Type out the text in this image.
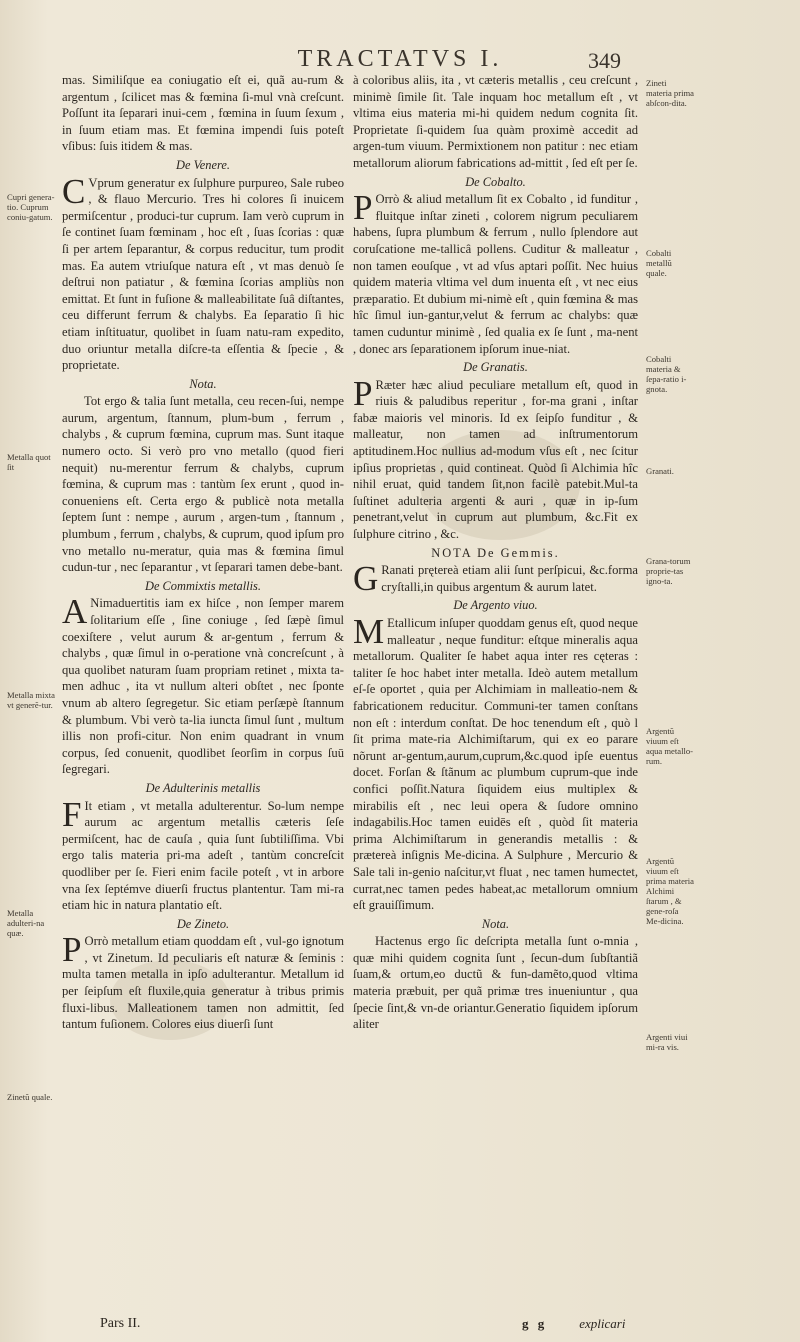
TRACTATVS I.	349

mas. Similiſque ea coniugatio eſt ei, quã au-rum & argentum , ſcilicet mas & fœmina ſi-mul vnà creſcunt. Poſſunt ita ſeparari inui-cem , fœmina in ſuum ſexum , in ſuum etiam mas. Et fœmina impendi ſuis poteſt vſibus: ſuis itidem & mas.

De Venere.

C Vprum generatur ex ſulphure purpureo, Sale rubeo , & flauo Mercurio. Tres hi colores ſi inuicem permiſcentur , produci-tur cuprum. Iam verò cuprum in ſe continet ſuam fœminam , hoc eſt , ſuas ſcorias : quæ ſi per artem ſeparantur, & corpus reducitur, tum prodit mas. Ea autem vtriuſque natura eſt , vt mas denuò ſe deſtrui non patiatur , & fœmina ſcorias ampliùs non emittat. Et ſunt in fuſione & malleabilitate ſuâ diſtantes, ceu differunt ferrum & chalybs. Ea ſeparatio ſi hic etiam inſtituatur, quolibet in ſuam natu-ram expedito, duo oriuntur metalla diſcre-ta eſſentia & ſpecie , & proprietate.

Nota.

Tot ergo & talia ſunt metalla, ceu recen-ſui, nempe aurum, argentum, ſtannum, plum-bum , ferrum , chalybs , & cuprum fœmina, cuprum mas. Sunt itaque numero octo. Si verò pro vno metallo (quod fieri nequit) nu-merentur ferrum & chalybs, cuprum fœmina, & cuprum mas : tantùm ſex erunt , quod in-conueniens eſt. Certa ergo & publicè nota metalla ſeptem ſunt : nempe , aurum , argen-tum , ſtannum , plumbum , ferrum , chalybs, & cuprum, quod ipſum pro vno metallo nu-meratur, quia mas & fœmina ſimul cudun-tur , nec ſeparantur , vt ſeparari tamen debe-bant.

De Commixtis metallis.

A Nimaduertitis iam ex hiſce , non ſemper marem ſolitarium eſſe , ſine coniuge , ſed ſæpè ſimul coexiſtere , velut aurum & ar-gentum , ferrum & chalybs , quæ ſimul in o-peratione vnà concreſcunt , à qua quolibet naturam ſuam propriam retinet , mixta ta-men adhuc , ita vt nullum alteri obſtet , nec ſponte vnum ab altero ſegregetur. Sic etiam perſæpè ſtannum & plumbum. Vbi verò ta-lia iuncta ſimul ſunt , multum illis non profi-citur. Non enim quadrant in vnum corpus, ſed conuenit, quodlibet ſeorſim in corpus ſuū ſegregari.

De Adulterinis metallis

F It etiam , vt metalla adulterentur. So-lum nempe aurum ac argentum metallis cæteris ſeſe permiſcent, hac de cauſa , quia ſunt ſubtiliſſima. Vbi ergo talis materia pri-ma adeſt , tantùm concreſcit quodliber per ſe. Fieri enim facile poteſt , vt in arbore vna ſex ſeptémve diuerſi fructus plantentur. Tam mi-ra etiam hic in natura plantatio eſt.

De Zineto.

P Orrò metallum etiam quoddam eſt , vul-go ignotum , vt Zinetum. Id peculiaris eſt naturæ & ſeminis : multa tamen metalla in ipſo adulterantur. Metallum id per ſeipſum eſt fluxile,quia generatur à tribus primis fluxi-libus. Malleationem tamen non admittit, ſed tantum fuſionem. Colores eius diuerſi ſunt

à coloribus aliis, ita , vt cæteris metallis , ceu creſcunt , minimè ſimile ſit. Tale inquam hoc metallum eſt , vt vltima eius materia mi-hi quidem nedum cognita ſit. Proprietate ſi-quidem ſua quàm proximè accedit ad argen-tum viuum. Permixtionem non patitur : nec etiam metallorum aliorum fabrications ad-mittit , ſed eſt per ſe.

De Cobalto.

P Orrò & aliud metallum ſit ex Cobalto , id funditur , fluitque inſtar zineti , colorem nigrum peculiarem habens, ſupra plumbum & ferrum , nullo ſplendore aut coruſcatione me-tallicâ pollens. Cuditur & malleatur , non tamen eouſque , vt ad vſus aptari poſſit. Nec huius quidem materia vltima vel dum inuenta eſt , vt nec eius præparatio. Et dubium mi-nimè eſt , quin fœmina & mas hîc ſimul iun-gantur,velut & ferrum ac chalybs: quæ tamen cuduntur minimè , ſed qualia ex ſe ſunt , ma-nent , donec ars ſeparationem ipſorum inue-niat.

De Granatis.

P Ræter hæc aliud peculiare metallum eſt, quod in riuis & paludibus reperitur , for-ma grani , inſtar fabæ maioris vel minoris. Id ex ſeipſo funditur , & malleatur, non tamen ad inſtrumentorum aptitudinem.Hoc nullius ad-modum vſus eſt , nec ſcitur ipſius proprietas , quid contineat. Quòd ſi Alchimia hîc nihil eruat, quid tandem ſit,non facilè patebit.Mul-ta ſuſtinet adulteria argenti & auri , quæ in ip-ſum penetrant,velut in cuprum aut plumbum, &c.Fit ex ſulphure citrino , &c.

NOTA De Gemmis.

G Ranati prętereà etiam alii ſunt perſpicui, &c.forma cryſtalli,in quibus argentum & aurum latet.

De Argento viuo.

M Etallicum inſuper quoddam genus eſt, quod neque malleatur , neque funditur: eſtque mineralis aqua metallorum. Qualiter ſe habet aqua inter res cęteras : taliter ſe hoc habet inter metalla. Ideò autem metallum eſ-ſe oportet , quia per Alchimiam in malleatio-nem & fabricationem reducitur. Communi-ter tamen conſtans non eſt : interdum conſtat. De hoc tenendum eſt , quò l ſit prima mate-ria Alchimiſtarum, qui ex eo parare nõrunt ar-gentum,aurum,cuprum,&c.quod ipſe euentus docet. Forſan & ſtãnum ac plumbum cuprum-que inde confici poſſit.Natura ſiquidem eius multiplex & mirabilis eſt , nec leui opera & ſudore omnino indagabilis.Hoc tamen euidēs eſt , quòd ſit materia prima Alchimiſtarum in generandis metallis : & prætereà inſignis Me-dicina. A Sulphure , Mercurio & Sale tali in-genio naſcitur,vt fluat , nec tamen humectet, currat,nec tamen pedes habeat,ac metallorum omnium eſt grauiſſimum.

Nota.

Hactenus ergo ſic deſcripta metalla ſunt o-mnia , quæ mihi quidem cognita ſunt , ſecun-dum ſubſtantiã ſuam,& ortum,eo ductũ & fun-damẽto,quod vltima materia præbuit, per quã primæ tres inueniuntur , qua ſpecie ſint,& vn-de oriantur.Generatio ſiquidem ipſorum aliter

Cupri genera-tio. Cuprum coniu-gatum.
Metalla quot ſit
Metalla mixta vt generẽ-tur.
Metalla adulteri-na quæ.
Zinetũ quale.
Zineti materia prima abſcon-dita.
Cobalti metallũ quale.
Cobalti materia & ſepa-ratio i-gnota.
Granati.
Grana-torum proprie-tas igno-ta.
Argentũ viuum eſt aqua metallo-rum.
Argentũ viuum eſt prima materia Alchimi ſtarum , & gene-roſa Me-dicina.
Argenti viui mi-ra vis.
Pars II.	g g explicari
